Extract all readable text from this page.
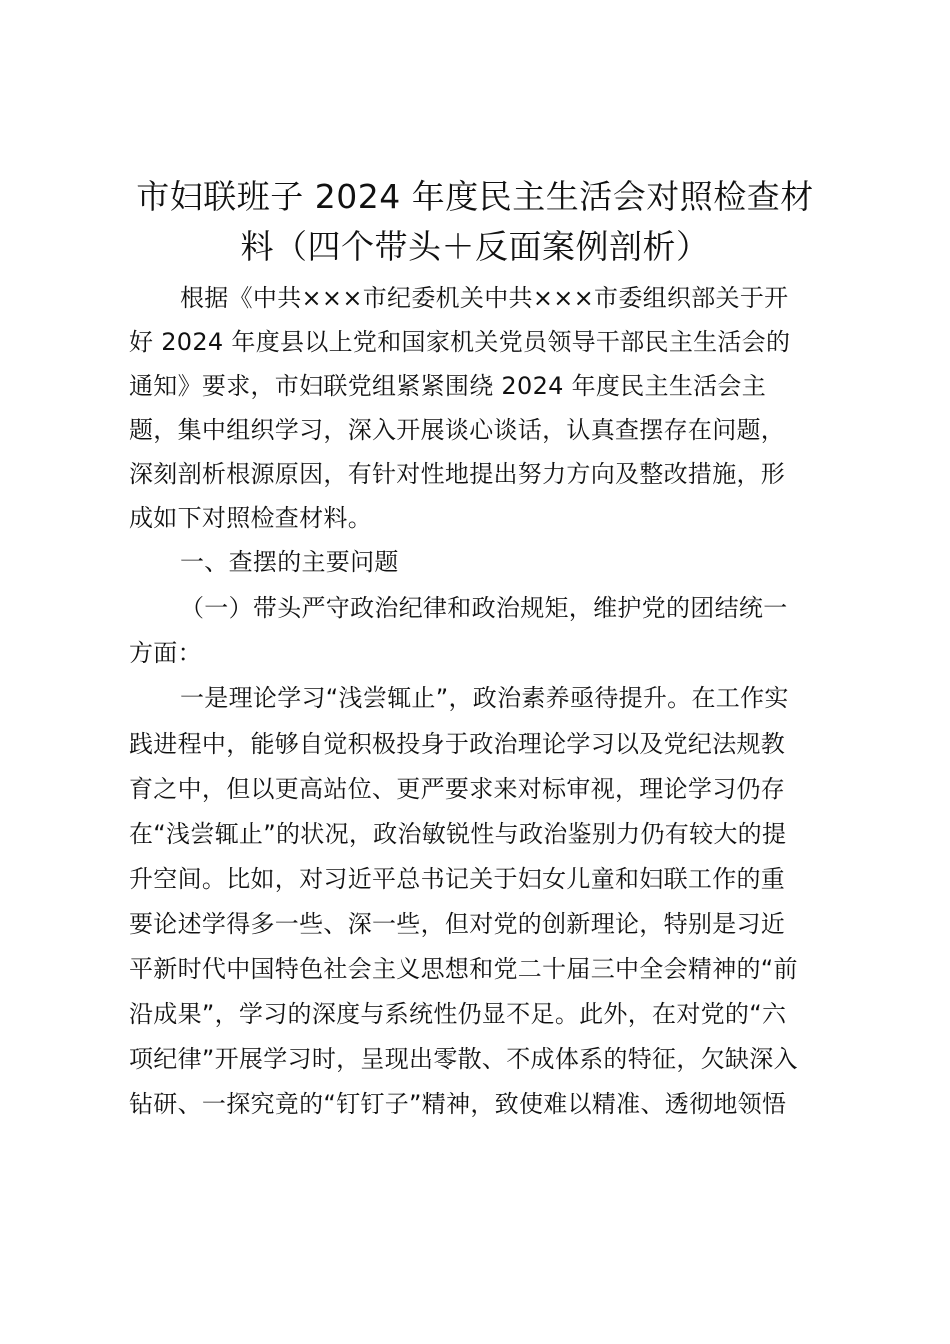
市妇联班子 2024 年度民主生活会对照检查材
料（四个带头＋反面案例剖析）
根据《中共×××市纪委机关中共×××市委组织部关于开
好 2024 年度县以上党和国家机关党员领导干部民主生活会的
通知》要求，市妇联党组紧紧围绕 2024 年度民主生活会主
题，集中组织学习，深入开展谈心谈话，认真查摆存在问题，
深刻剖析根源原因，有针对性地提出努力方向及整改措施，形
成如下对照检查材料。
一、查摆的主要问题
（一）带头严守政治纪律和政治规矩，维护党的团结统一
方面：
一是理论学习“浅尝辄止”，政治素养亟待提升。在工作实
践进程中，能够自觉积极投身于政治理论学习以及党纪法规教
育之中，但以更高站位、更严要求来对标审视，理论学习仍存
在“浅尝辄止”的状况，政治敏锐性与政治鉴别力仍有较大的提
升空间。比如，对习近平总书记关于妇女儿童和妇联工作的重
要论述学得多一些、深一些，但对党的创新理论，特别是习近
平新时代中国特色社会主义思想和党二十届三中全会精神的“前
沿成果”，学习的深度与系统性仍显不足。此外，在对党的“六
项纪律”开展学习时，呈现出零散、不成体系的特征，欠缺深入
钻研、一探究竟的“钉钉子”精神，致使难以精准、透彻地领悟
